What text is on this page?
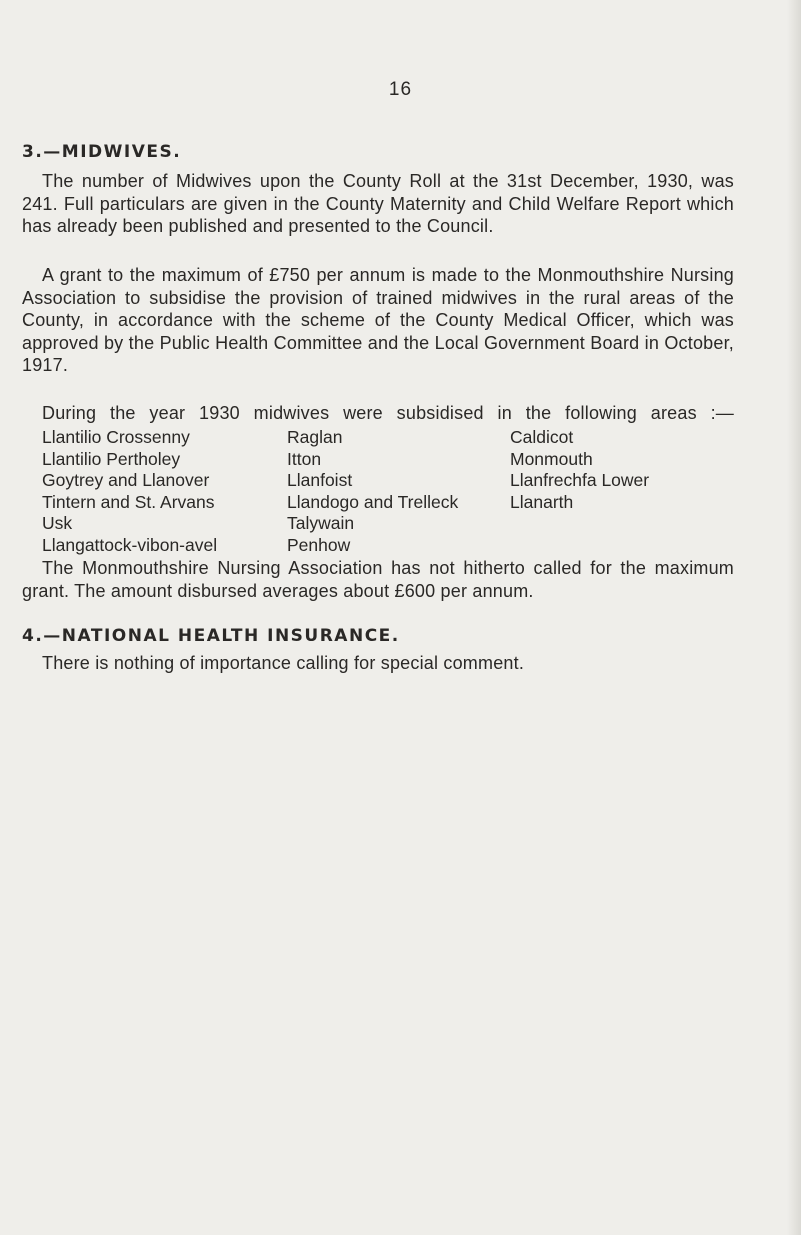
16
3.—MIDWIVES.

The number of Midwives upon the County Roll at the 31st December, 1930, was 241. Full particulars are given in the County Maternity and Child Welfare Report which has already been published and presented to the Council.

A grant to the maximum of £750 per annum is made to the Monmouthshire Nursing Association to subsidise the provision of trained midwives in the rural areas of the County, in accordance with the scheme of the County Medical Officer, which was approved by the Public Health Committee and the Local Government Board in October, 1917.

During the year 1930 midwives were subsidised in the following areas :—

Llantilio Crossenny
Llantilio Pertholey
Goytrey and Llanover
Tintern and St. Arvans
Usk
Llangattock-vibon-avel
Raglan
Itton
Llanfoist
Llandogo and Trelleck
Talywain
Penhow
Caldicot
Monmouth
Llanfrechfa Lower
Llanarth

The Monmouthshire Nursing Association has not hitherto called for the maximum grant. The amount disbursed averages about £600 per annum.

4.—NATIONAL HEALTH INSURANCE.

There is nothing of importance calling for special comment.
